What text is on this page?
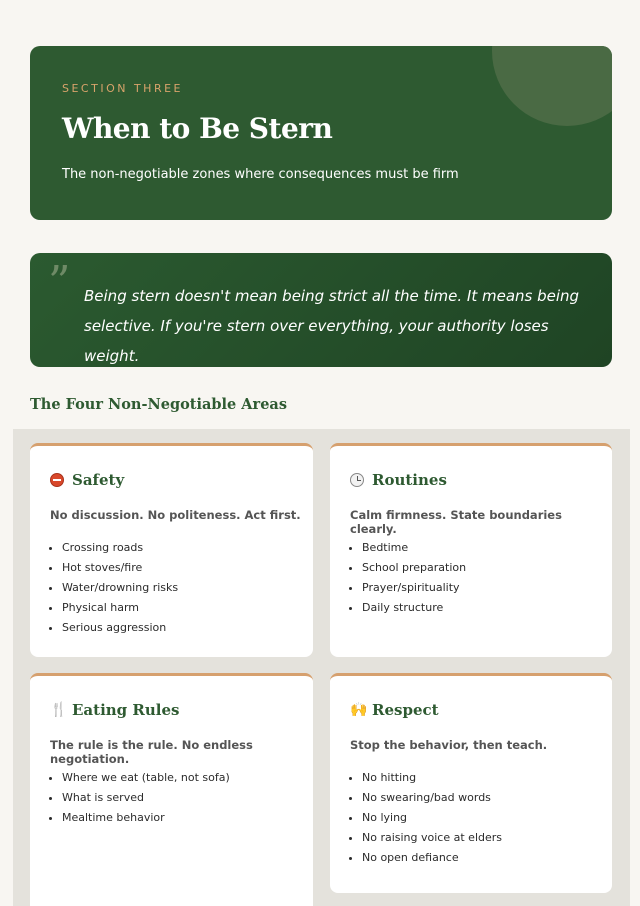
SECTION THREE
When to Be Stern
The non-negotiable zones where consequences must be firm
” Being stern doesn't mean being strict all the time. It means being selective. If you're stern over everything, your authority loses weight.
The Four Non-Negotiable Areas
Safety
No discussion. No politeness. Act first.
• Crossing roads
• Hot stoves/fire
• Water/drowning risks
• Physical harm
• Serious aggression
Routines
Calm firmness. State boundaries clearly.
• Bedtime
• School preparation
• Prayer/spirituality
• Daily structure
🍴 Eating Rules
The rule is the rule. No endless negotiation.
• Where we eat (table, not sofa)
• What is served
• Mealtime behavior
🙌 Respect
Stop the behavior, then teach.
• No hitting
• No swearing/bad words
• No lying
• No raising voice at elders
• No open defiance
